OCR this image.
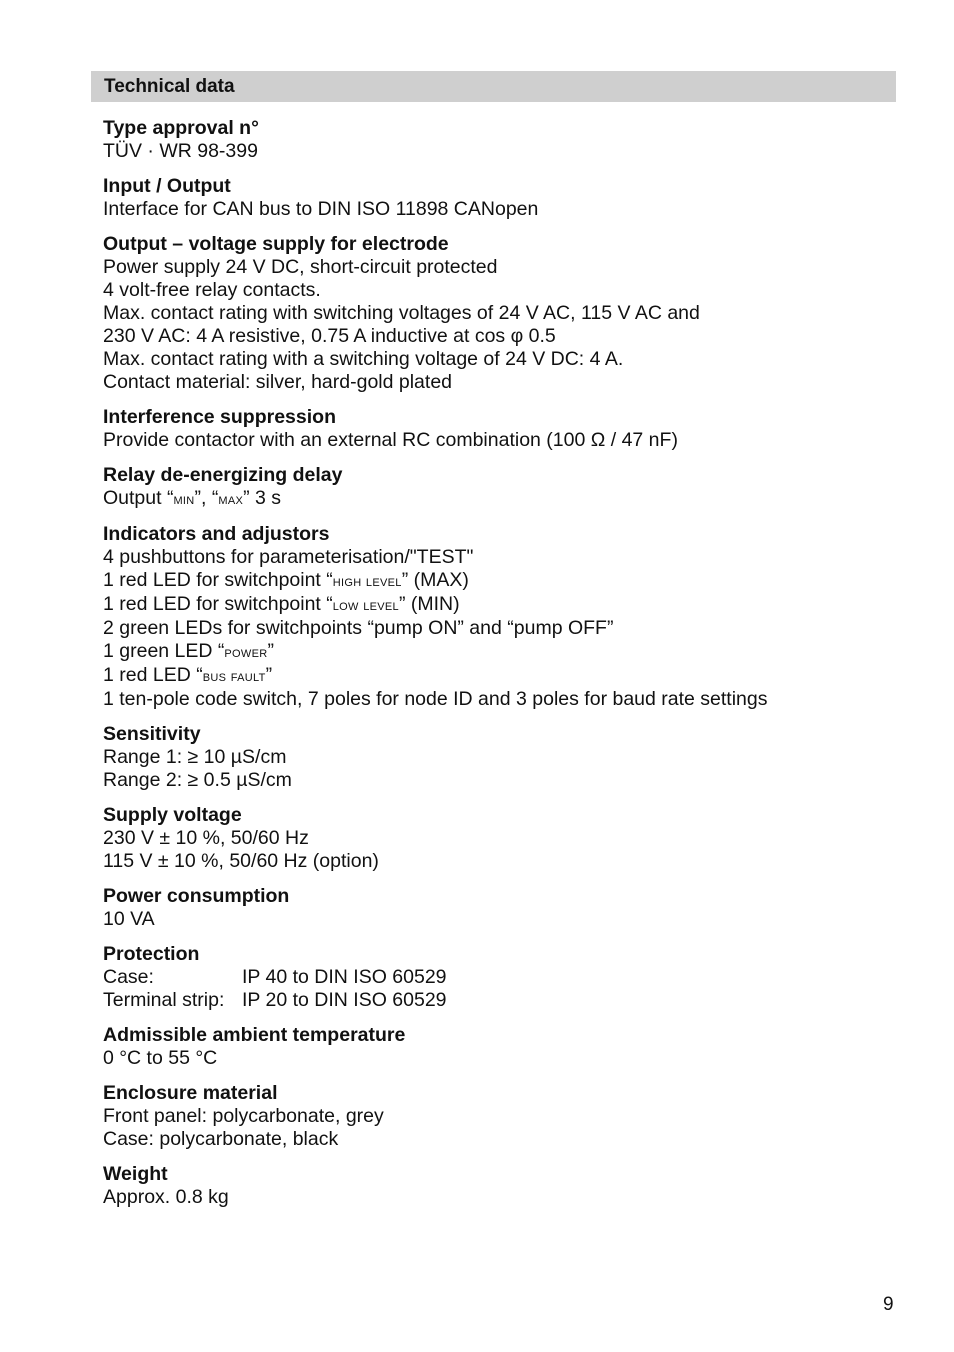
Technical data
Type approval n°
TÜV · WR 98-399
Input / Output
Interface for CAN bus to DIN ISO 11898 CANopen
Output – voltage supply for electrode
Power supply 24 V DC, short-circuit protected
4 volt-free relay contacts.
Max. contact rating with switching voltages of 24 V AC, 115 V AC and
230 V AC: 4 A resistive, 0.75 A inductive at cos φ 0.5
Max. contact rating with a switching voltage of 24 V DC: 4 A.
Contact material: silver, hard-gold plated
Interference suppression
Provide contactor with an external RC combination (100 Ω / 47 nF)
Relay de-energizing delay
Output “min”, “max” 3 s
Indicators and adjustors
4 pushbuttons for parameterisation/"TEST"
1 red LED for switchpoint “high level” (MAX)
1 red LED for switchpoint “low level” (MIN)
2 green LEDs for switchpoints “pump ON” and “pump OFF”
1 green LED “power”
1 red LED “bus fault”
1 ten-pole code switch, 7 poles for node ID and 3 poles for baud rate settings
Sensitivity
Range 1: ≥ 10 µS/cm
Range 2: ≥ 0.5 µS/cm
Supply voltage
230 V ± 10 %, 50/60 Hz
115 V ± 10 %, 50/60 Hz (option)
Power consumption
10 VA
Protection
Case:	IP 40 to DIN ISO 60529
Terminal strip: IP 20 to DIN ISO 60529
Admissible ambient temperature
0 °C to 55 °C
Enclosure material
Front panel: polycarbonate, grey
Case: polycarbonate, black
Weight
Approx. 0.8 kg
9
